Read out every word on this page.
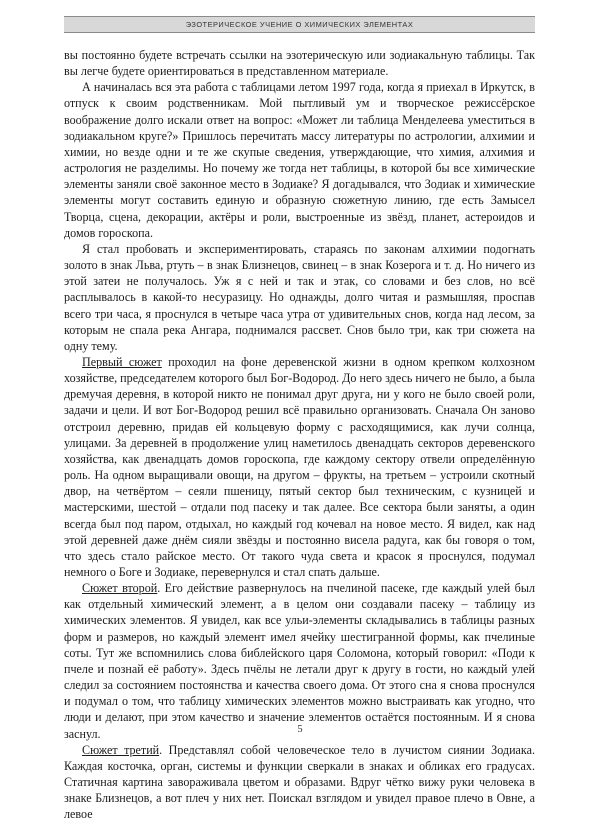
ЭЗОТЕРИЧЕСКОЕ УЧЕНИЕ О ХИМИЧЕСКИХ ЭЛЕМЕНТАХ

вы постоянно будете встречать ссылки на эзотерическую или зодиакальную таблицы. Так вы легче будете ориентироваться в представленном материале.

А начиналась вся эта работа с таблицами летом 1997 года, когда я приехал в Иркутск, в отпуск к своим родственникам. Мой пытливый ум и творческое режиссёрское воображение долго искали ответ на вопрос: «Может ли таблица Менделеева уместиться в зодиакальном круге?» Пришлось перечитать массу литературы по астрологии, алхимии и химии, но везде одни и те же скупые сведения, утверждающие, что химия, алхимия и астрология не разделимы. Но почему же тогда нет таблицы, в которой бы все химические элементы заняли своё законное место в Зодиаке? Я догадывался, что Зодиак и химические элементы могут составить единую и образную сюжетную линию, где есть Замысел Творца, сцена, декорации, актёры и роли, выстроенные из звёзд, планет, астероидов и домов гороскопа.

Я стал пробовать и экспериментировать, стараясь по законам алхимии подогнать золото в знак Льва, ртуть – в знак Близнецов, свинец – в знак Козерога и т. д. Но ничего из этой затеи не получалось. Уж я с ней и так и этак, со словами и без слов, но всё расплывалось в какой-то несуразицу. Но однажды, долго читая и размышляя, проспав всего три часа, я проснулся в четыре часа утра от удивительных снов, когда над лесом, за которым не спала река Ангара, поднимался рассвет. Снов было три, как три сюжета на одну тему.

Первый сюжет проходил на фоне деревенской жизни в одном крепком колхозном хозяйстве, председателем которого был Бог-Водород. До него здесь ничего не было, а была дремучая деревня, в которой никто не понимал друг друга, ни у кого не было своей роли, задачи и цели. И вот Бог-Водород решил всё правильно организовать. Сначала Он заново отстроил деревню, придав ей кольцевую форму с расходящимися, как лучи солнца, улицами. За деревней в продолжение улиц наметилось двенадцать секторов деревенского хозяйства, как двенадцать домов гороскопа, где каждому сектору отвели определённую роль. На одном выращивали овощи, на другом – фрукты, на третьем – устроили скотный двор, на четвёртом – сеяли пшеницу, пятый сектор был техническим, с кузницей и мастерскими, шестой – отдали под пасеку и так далее. Все сектора были заняты, а один всегда был под паром, отдыхал, но каждый год кочевал на новое место. Я видел, как над этой деревней даже днём сияли звёзды и постоянно висела радуга, как бы говоря о том, что здесь стало райское место. От такого чуда света и красок я проснулся, подумал немного о Боге и Зодиаке, перевернулся и стал спать дальше.

Сюжет второй. Его действие развернулось на пчелиной пасеке, где каждый улей был как отдельный химический элемент, а в целом они создавали пасеку – таблицу из химических элементов. Я увидел, как все ульи-элементы складывались в таблицы разных форм и размеров, но каждый элемент имел ячейку шестигранной формы, как пчелиные соты. Тут же вспомнились слова библейского царя Соломона, который говорил: «Поди к пчеле и познай её работу». Здесь пчёлы не летали друг к другу в гости, но каждый улей следил за состоянием постоянства и качества своего дома. От этого сна я снова проснулся и подумал о том, что таблицу химических элементов можно выстраивать как угодно, что люди и делают, при этом качество и значение элементов остаётся постоянным. И я снова заснул.

Сюжет третий. Представлял собой человеческое тело в лучистом сиянии Зодиака. Каждая косточка, орган, системы и функции сверкали в знаках и обликах его градусах. Статичная картина завораживала цветом и образами. Вдруг чётко вижу руки человека в знаке Близнецов, а вот плеч у них нет. Поискал взглядом и увидел правое плечо в Овне, а левое

5
